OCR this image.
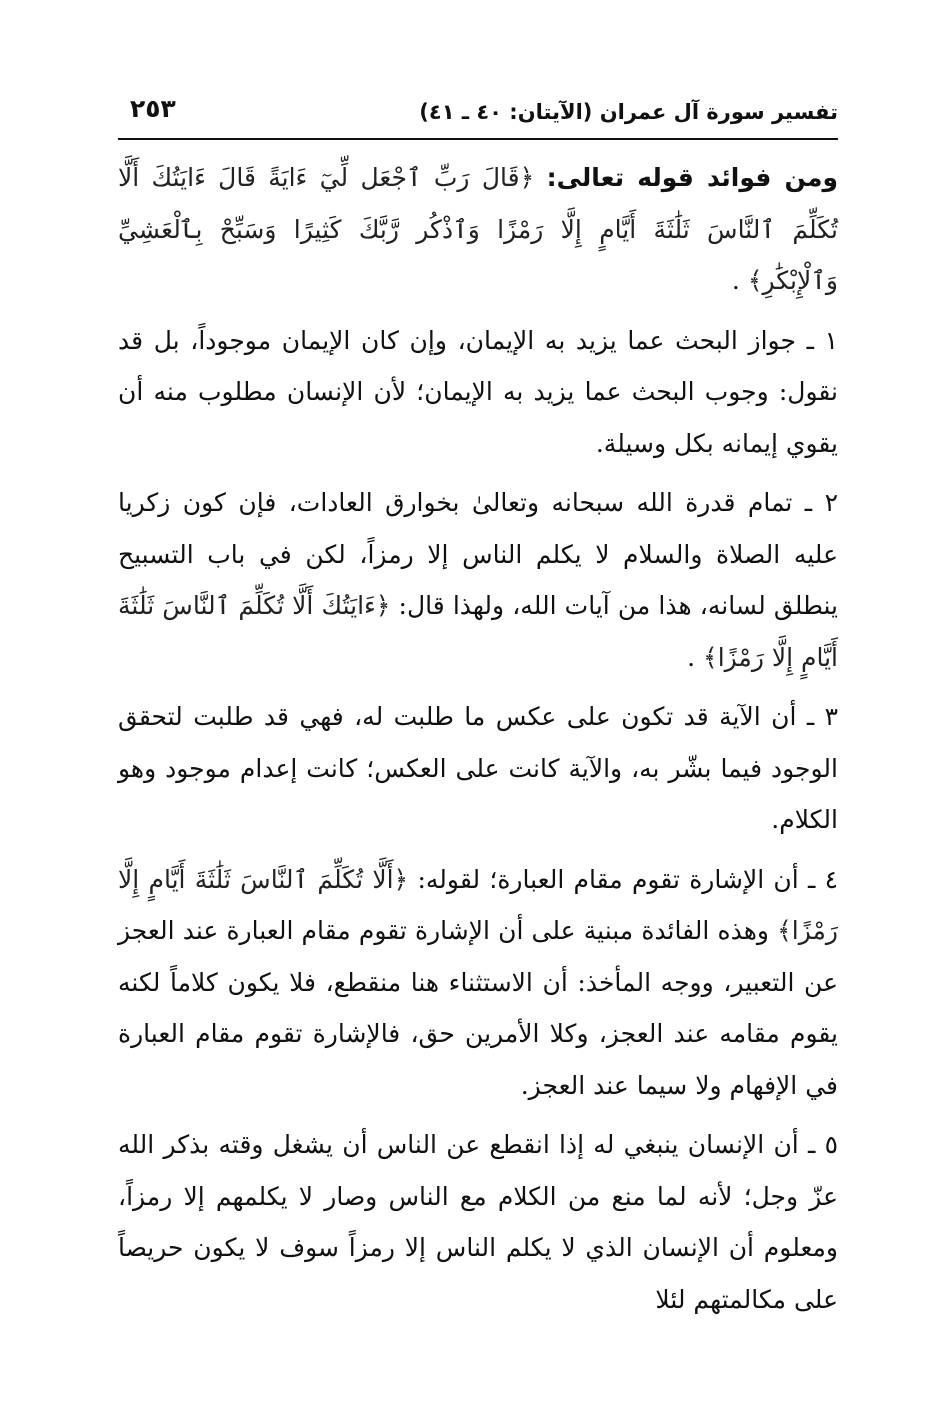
تفسير سورة آل عمران (الآيتان: ٤٠ ـ ٤١)
٢٥٣

ومن فوائد قوله تعالى: ﴿قَالَ رَبِّ ٱجْعَل لِّيٓ ءَايَةً قَالَ ءَايَتُكَ أَلَّا تُكَلِّمَ ٱلنَّاسَ ثَلَٰثَةَ أَيَّامٍ إِلَّا رَمْزًا وَٱذْكُر رَّبَّكَ كَثِيرًا وَسَبِّحْ بِٱلْعَشِيِّ وَٱلْإِبْكَٰرِ﴾ .

١ ـ جواز البحث عما يزيد به الإيمان، وإن كان الإيمان موجوداً، بل قد نقول: وجوب البحث عما يزيد به الإيمان؛ لأن الإنسان مطلوب منه أن يقوي إيمانه بكل وسيلة.

٢ ـ تمام قدرة الله سبحانه وتعالىٰ بخوارق العادات، فإن كون زكريا عليه الصلاة والسلام لا يكلم الناس إلا رمزاً، لكن في باب التسبيح ينطلق لسانه، هذا من آيات الله، ولهذا قال: ﴿ءَايَتُكَ أَلَّا تُكَلِّمَ ٱلنَّاسَ ثَلَٰثَةَ أَيَّامٍ إِلَّا رَمْزًا﴾ .

٣ ـ أن الآية قد تكون على عكس ما طلبت له، فهي قد طلبت لتحقق الوجود فيما بشّر به، والآية كانت على العكس؛ كانت إعدام موجود وهو الكلام.

٤ ـ أن الإشارة تقوم مقام العبارة؛ لقوله: ﴿أَلَّا تُكَلِّمَ ٱلنَّاسَ ثَلَٰثَةَ أَيَّامٍ إِلَّا رَمْزًا﴾ وهذه الفائدة مبنية على أن الإشارة تقوم مقام العبارة عند العجز عن التعبير، ووجه المأخذ: أن الاستثناء هنا منقطع، فلا يكون كلاماً لكنه يقوم مقامه عند العجز، وكلا الأمرين حق، فالإشارة تقوم مقام العبارة في الإفهام ولا سيما عند العجز.

٥ ـ أن الإنسان ينبغي له إذا انقطع عن الناس أن يشغل وقته بذكر الله عزّ وجل؛ لأنه لما منع من الكلام مع الناس وصار لا يكلمهم إلا رمزاً، ومعلوم أن الإنسان الذي لا يكلم الناس إلا رمزاً سوف لا يكون حريصاً على مكالمتهم لئلا
